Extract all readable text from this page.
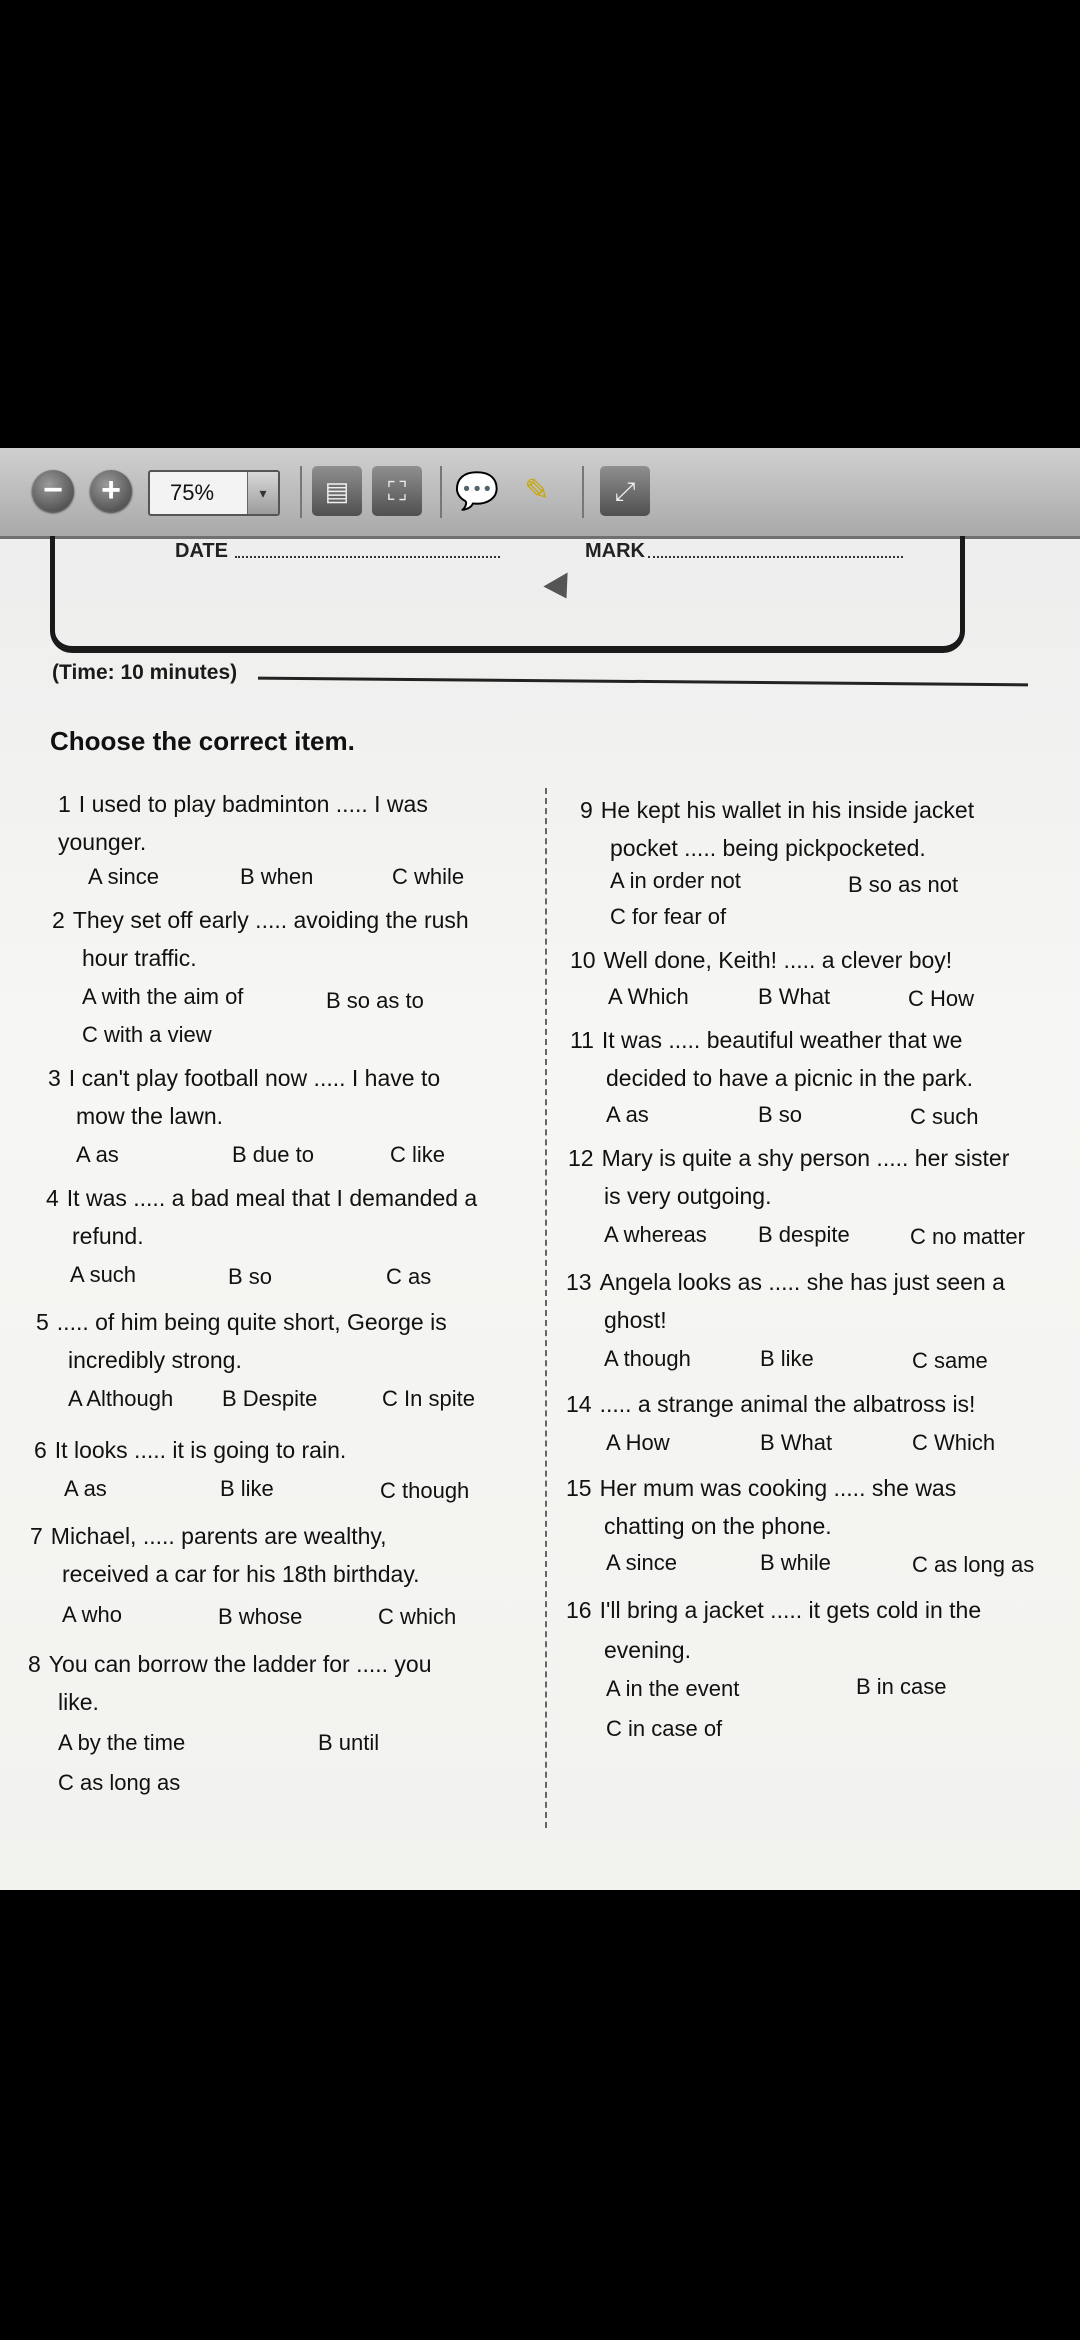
−	+	75%	▾	▤	⛶	💬 ✎	⤢
DATE	MARK
(Time: 10 minutes)
Choose the correct item.
1 I used to play badminton ..... I was
younger.
A since	B when	C while
2 They set off early ..... avoiding the rush
hour traffic.
A with the aim of	B so as to
C with a view
3 I can't play football now ..... I have to
mow the lawn.
A as	B due to	C like
4 It was ..... a bad meal that I demanded a
refund.
A such	B so	C as
5 ..... of him being quite short, George is
incredibly strong.
A Although B Despite	C In spite
6 It looks ..... it is going to rain.
A as	B like	C though
7 Michael, ..... parents are wealthy,
received a car for his 18th birthday.
A who	B whose	C which
8 You can borrow the ladder for ..... you
like.
A by the time	B until
C as long as
9 He kept his wallet in his inside jacket
pocket ..... being pickpocketed.
A in order not	B so as not
C for fear of
10 Well done, Keith! ..... a clever boy!
A Which	B What	C How
11 It was ..... beautiful weather that we
decided to have a picnic in the park.
A as	B so	C such
12 Mary is quite a shy person ..... her sister
is very outgoing.
A whereas B despite	C no matter
13 Angela looks as ..... she has just seen a
ghost!
A though	B like	C same
14 ..... a strange animal the albatross is!
A How	B What	C Which
15 Her mum was cooking ..... she was
chatting on the phone.
A since	B while	C as long as
16 I'll bring a jacket ..... it gets cold in the
evening.
A in the event	B in case
C in case of
